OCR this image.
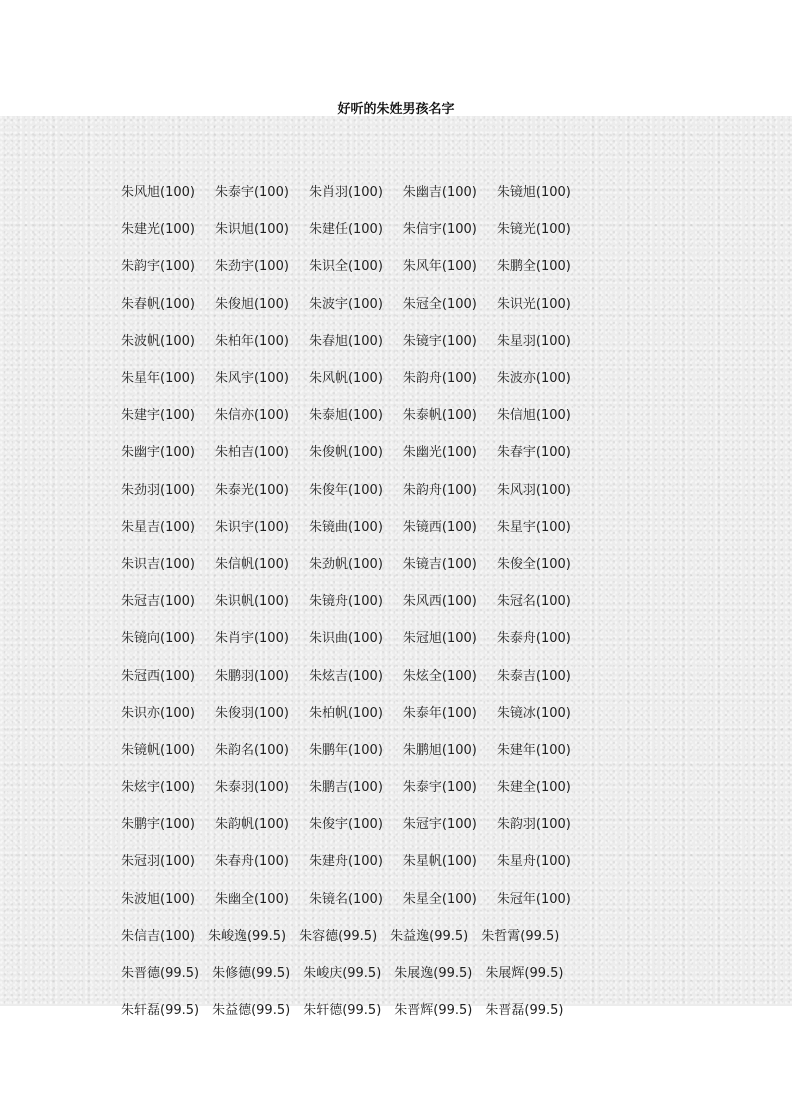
好听的朱姓男孩名字
朱风旭(100) 朱泰宇(100) 朱肖羽(100) 朱幽吉(100) 朱镜旭(100)
朱建光(100) 朱识旭(100) 朱建任(100) 朱信宇(100) 朱镜光(100)
朱韵宇(100) 朱劲宇(100) 朱识全(100) 朱风年(100) 朱鹏全(100)
朱春帆(100) 朱俊旭(100) 朱波宇(100) 朱冠全(100) 朱识光(100)
朱波帆(100) 朱柏年(100) 朱春旭(100) 朱镜宇(100) 朱星羽(100)
朱星年(100) 朱风宇(100) 朱风帆(100) 朱韵舟(100) 朱波亦(100)
朱建宇(100) 朱信亦(100) 朱泰旭(100) 朱泰帆(100) 朱信旭(100)
朱幽宇(100) 朱柏吉(100) 朱俊帆(100) 朱幽光(100) 朱春宇(100)
朱劲羽(100) 朱泰光(100) 朱俊年(100) 朱韵舟(100) 朱风羽(100)
朱星吉(100) 朱识宇(100) 朱镜曲(100) 朱镜西(100) 朱星宇(100)
朱识吉(100) 朱信帆(100) 朱劲帆(100) 朱镜吉(100) 朱俊全(100)
朱冠吉(100) 朱识帆(100) 朱镜舟(100) 朱风西(100) 朱冠名(100)
朱镜向(100) 朱肖宇(100) 朱识曲(100) 朱冠旭(100) 朱泰舟(100)
朱冠西(100) 朱鹏羽(100) 朱炫吉(100) 朱炫全(100) 朱泰吉(100)
朱识亦(100) 朱俊羽(100) 朱柏帆(100) 朱泰年(100) 朱镜冰(100)
朱镜帆(100) 朱韵名(100) 朱鹏年(100) 朱鹏旭(100) 朱建年(100)
朱炫宇(100) 朱泰羽(100) 朱鹏吉(100) 朱泰宇(100) 朱建全(100)
朱鹏宇(100) 朱韵帆(100) 朱俊宇(100) 朱冠宇(100) 朱韵羽(100)
朱冠羽(100) 朱春舟(100) 朱建舟(100) 朱星帆(100) 朱星舟(100)
朱波旭(100) 朱幽全(100) 朱镜名(100) 朱星全(100) 朱冠年(100)
朱信吉(100) 朱峻逸(99.5) 朱容德(99.5) 朱益逸(99.5) 朱哲霄(99.5)
朱晋德(99.5) 朱修德(99.5) 朱峻庆(99.5) 朱展逸(99.5) 朱展辉(99.5)
朱轩磊(99.5) 朱益德(99.5) 朱轩德(99.5) 朱晋辉(99.5) 朱晋磊(99.5)
